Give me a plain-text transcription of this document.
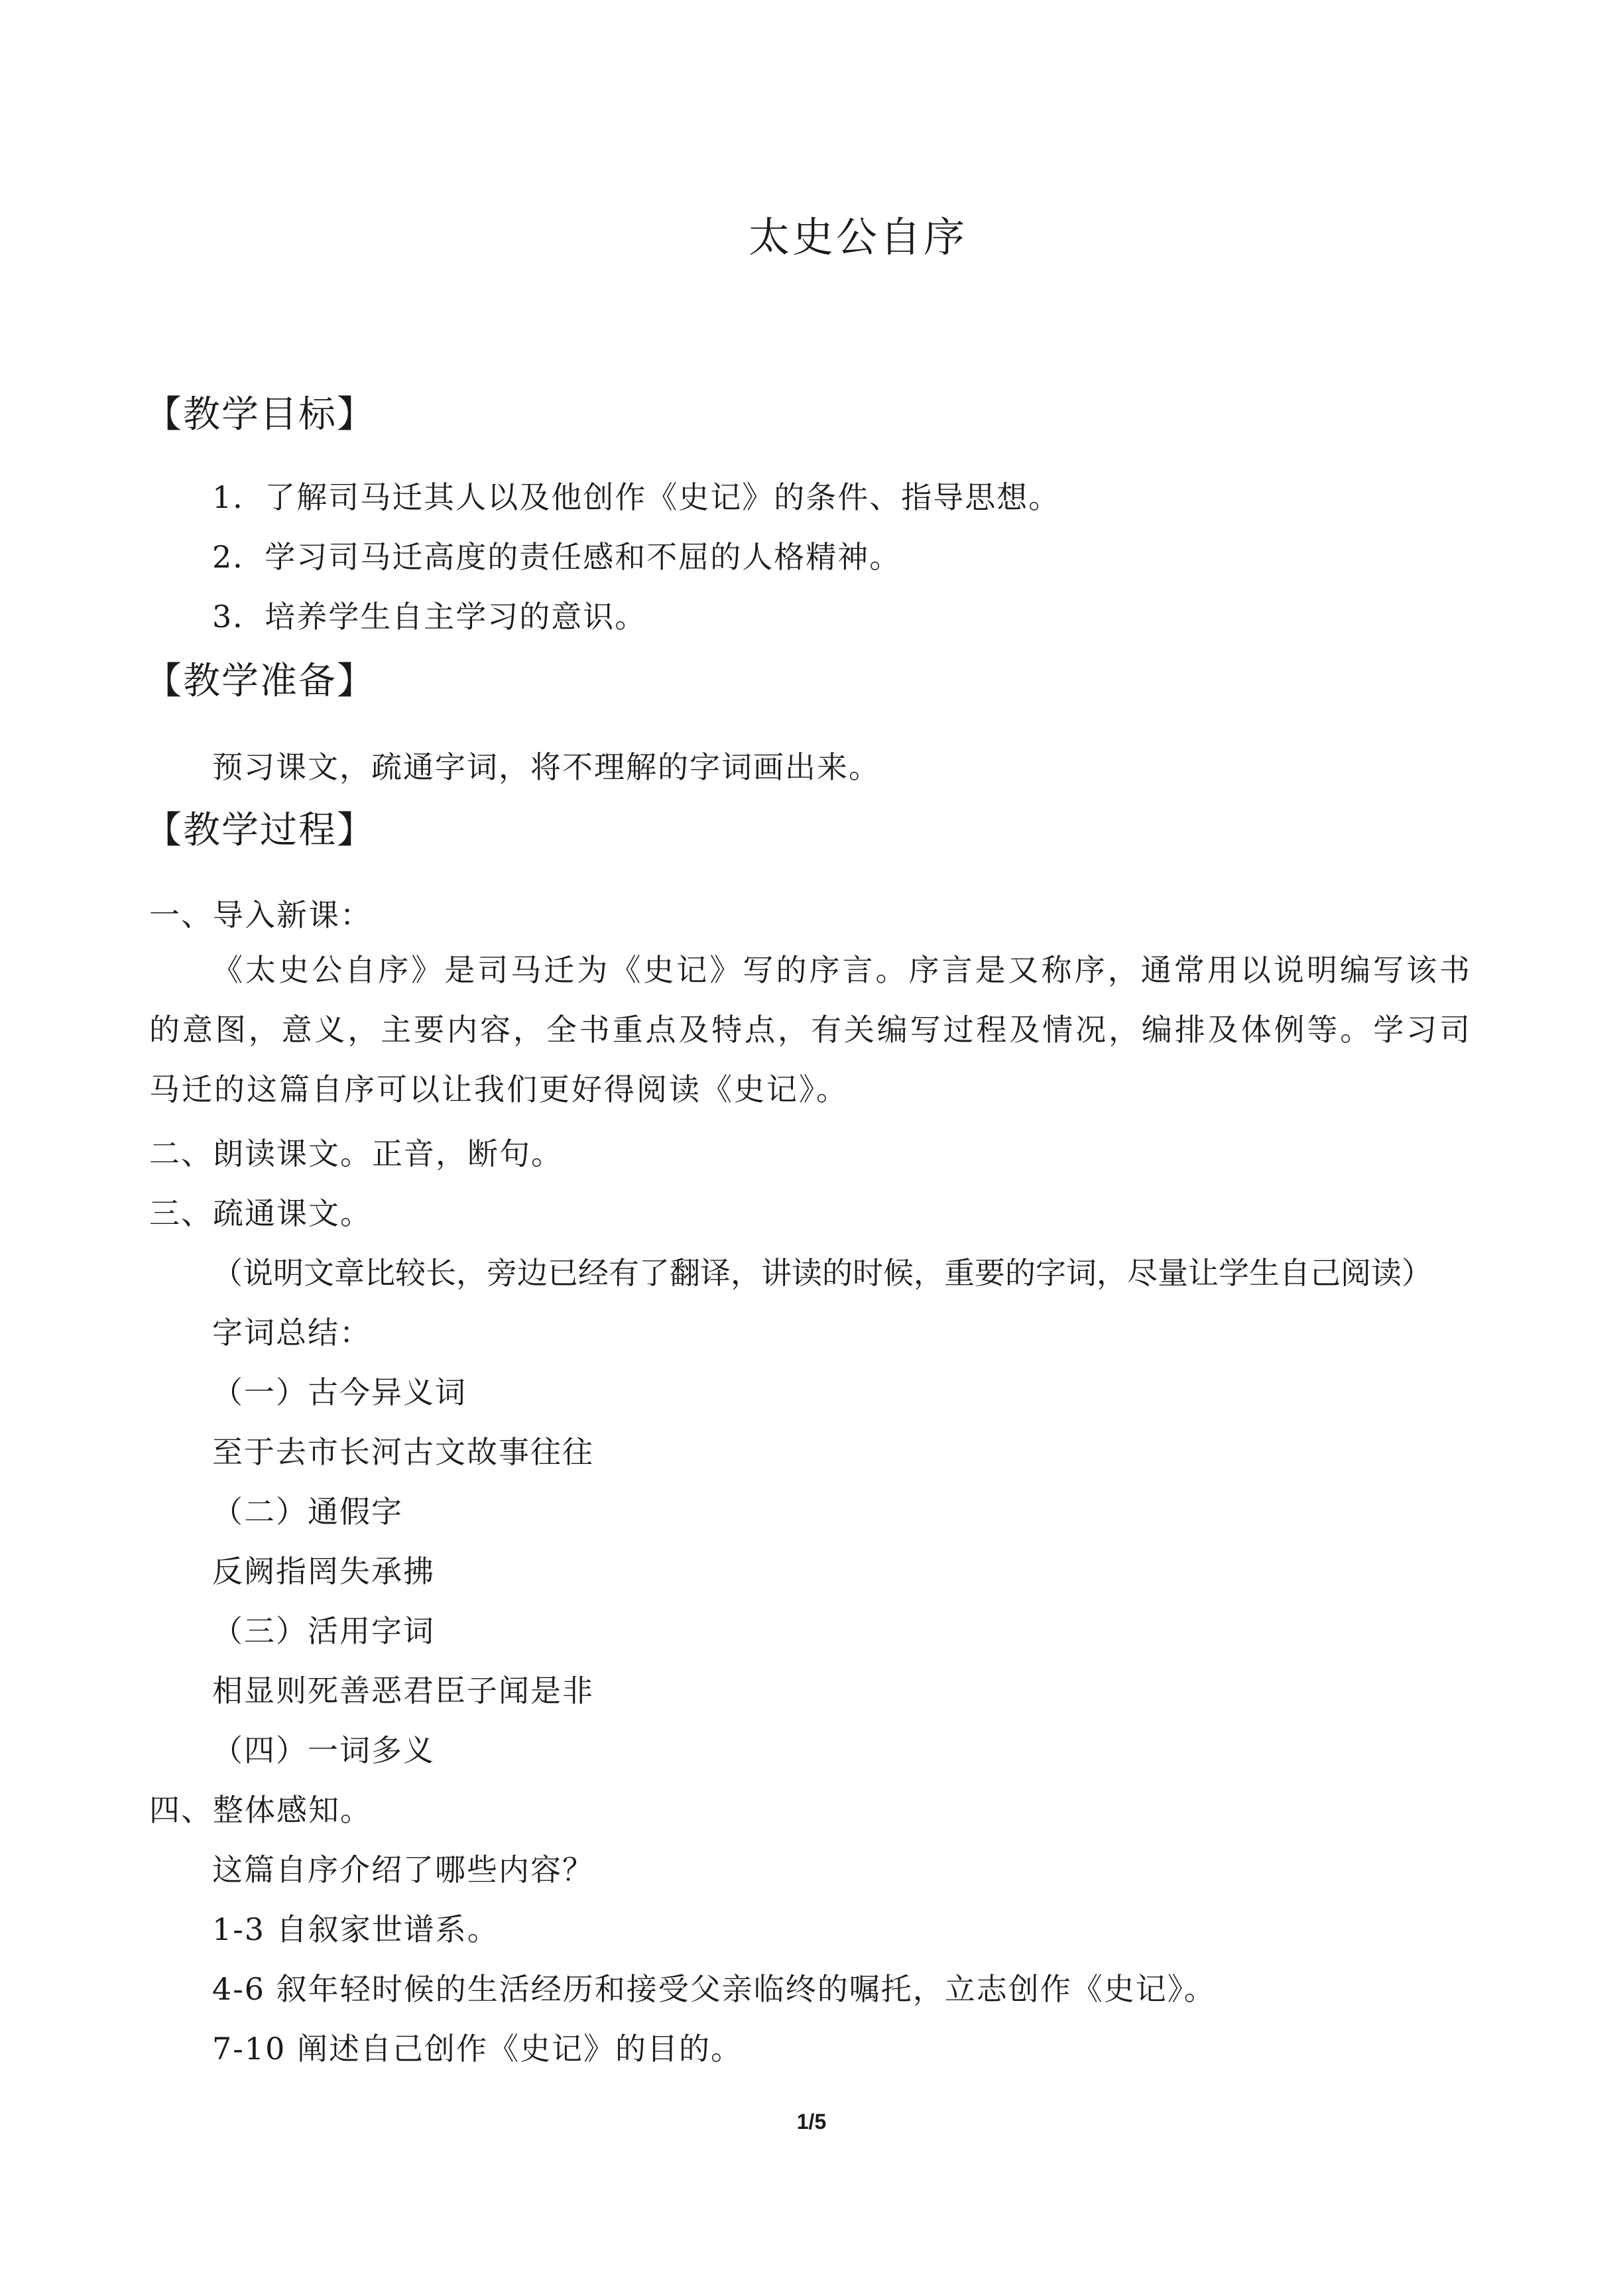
太史公自序
【教学目标】
1．了解司马迁其人以及他创作《史记》的条件、指导思想。
2．学习司马迁高度的责任感和不屈的人格精神。
3．培养学生自主学习的意识。
【教学准备】
预习课文，疏通字词，将不理解的字词画出来。
【教学过程】
一、导入新课：
《太史公自序》是司马迁为《史记》写的序言。序言是又称序，通常用以说明编写该书的意图，意义，主要内容，全书重点及特点，有关编写过程及情况，编排及体例等。学习司马迁的这篇自序可以让我们更好得阅读《史记》。
二、朗读课文。正音，断句。
三、疏通课文。
（说明文章比较长，旁边已经有了翻译，讲读的时候，重要的字词，尽量让学生自己阅读）
字词总结：
（一）古今异义词
至于去市长河古文故事往往
（二）通假字
反阙指罔失承拂
（三）活用字词
相显则死善恶君臣子闻是非
（四）一词多义
四、整体感知。
这篇自序介绍了哪些内容？
1-3 自叙家世谱系。
4-6 叙年轻时候的生活经历和接受父亲临终的嘱托，立志创作《史记》。
7-10 阐述自己创作《史记》的目的。
1/5
